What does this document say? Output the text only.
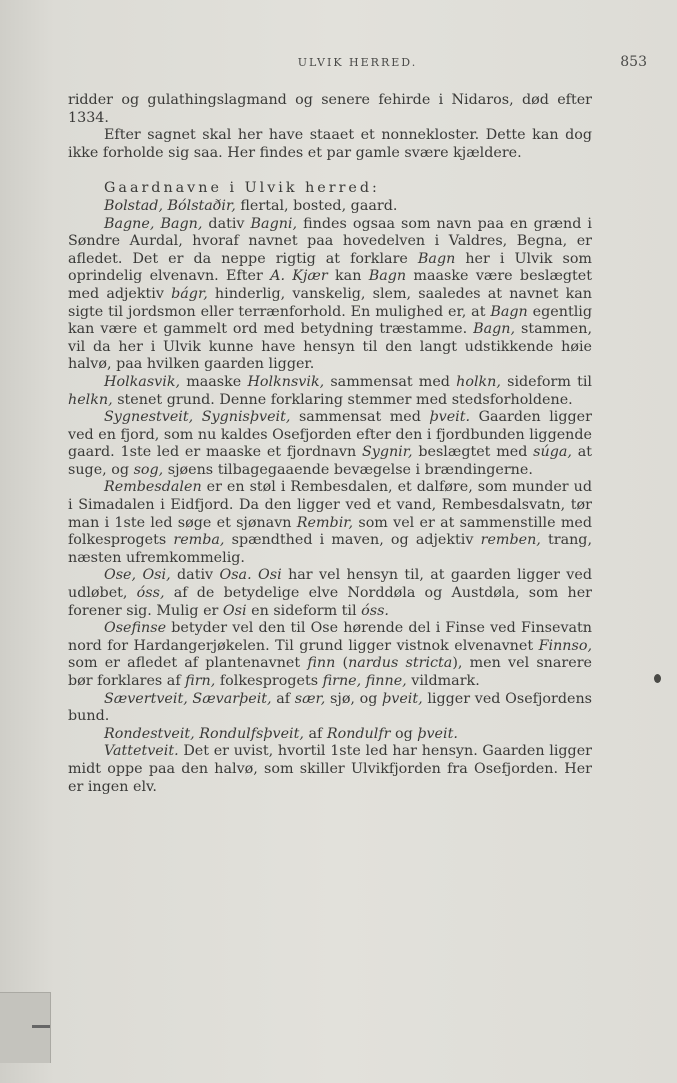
ULVIK HERRED.	853

ridder og gulathingslagmand og senere fehirde i Nidaros, død efter 1334.

Efter sagnet skal her have staaet et nonnekloster. Dette kan dog ikke forholde sig saa. Her findes et par gamle svære kjældere.

Gaardnavne i Ulvik herred:

Bolstad, Bólstaðir, flertal, bosted, gaard.

Bagne, Bagn, dativ Bagni, findes ogsaa som navn paa en grænd i Søndre Aurdal, hvoraf navnet paa hovedelven i Valdres, Begna, er afledet. Det er da neppe rigtig at forklare Bagn her i Ulvik som oprindelig elvenavn. Efter A. Kjær kan Bagn maaske være beslægtet med adjektiv bágr, hinderlig, vanskelig, slem, saaledes at navnet kan sigte til jordsmon eller terrænforhold. En mulighed er, at Bagn egentlig kan være et gammelt ord med betydning træstamme. Bagn, stammen, vil da her i Ulvik kunne have hensyn til den langt udstikkende høie halvø, paa hvilken gaarden ligger.

Holkasvik, maaske Holknsvik, sammensat med holkn, sideform til helkn, stenet grund. Denne forklaring stemmer med stedsforholdene.

Sygnestveit, Sygnisþveit, sammensat med þveit. Gaarden ligger ved en fjord, som nu kaldes Osefjorden efter den i fjordbunden liggende gaard. 1ste led er maaske et fjordnavn Sygnir, beslægtet med súga, at suge, og sog, sjøens tilbagegaaende bevægelse i brændingerne.

Rembesdalen er en støl i Rembesdalen, et dalføre, som munder ud i Simadalen i Eidfjord. Da den ligger ved et vand, Rembesdalsvatn, tør man i 1ste led søge et sjønavn Rembir, som vel er at sammenstille med folkesprogets remba, spændthed i maven, og adjektiv remben, trang, næsten ufremkommelig.

Ose, Osi, dativ Osa. Osi har vel hensyn til, at gaarden ligger ved udløbet, óss, af de betydelige elve Norddøla og Austdøla, som her forener sig. Mulig er Osi en sideform til óss.

Osefinse betyder vel den til Ose hørende del i Finse ved Finsevatn nord for Hardangerjøkelen. Til grund ligger vistnok elvenavnet Finnso, som er afledet af plantenavnet finn (nardus stricta), men vel snarere bør forklares af firn, folkesprogets firne, finne, vildmark.

Sævertveit, Sævarþeit, af sær, sjø, og þveit, ligger ved Osefjordens bund.

Rondestveit, Rondulfsþveit, af Rondulfr og þveit.

Vattetveit. Det er uvist, hvortil 1ste led har hensyn. Gaarden ligger midt oppe paa den halvø, som skiller Ulvikfjorden fra Osefjorden. Her er ingen elv.
